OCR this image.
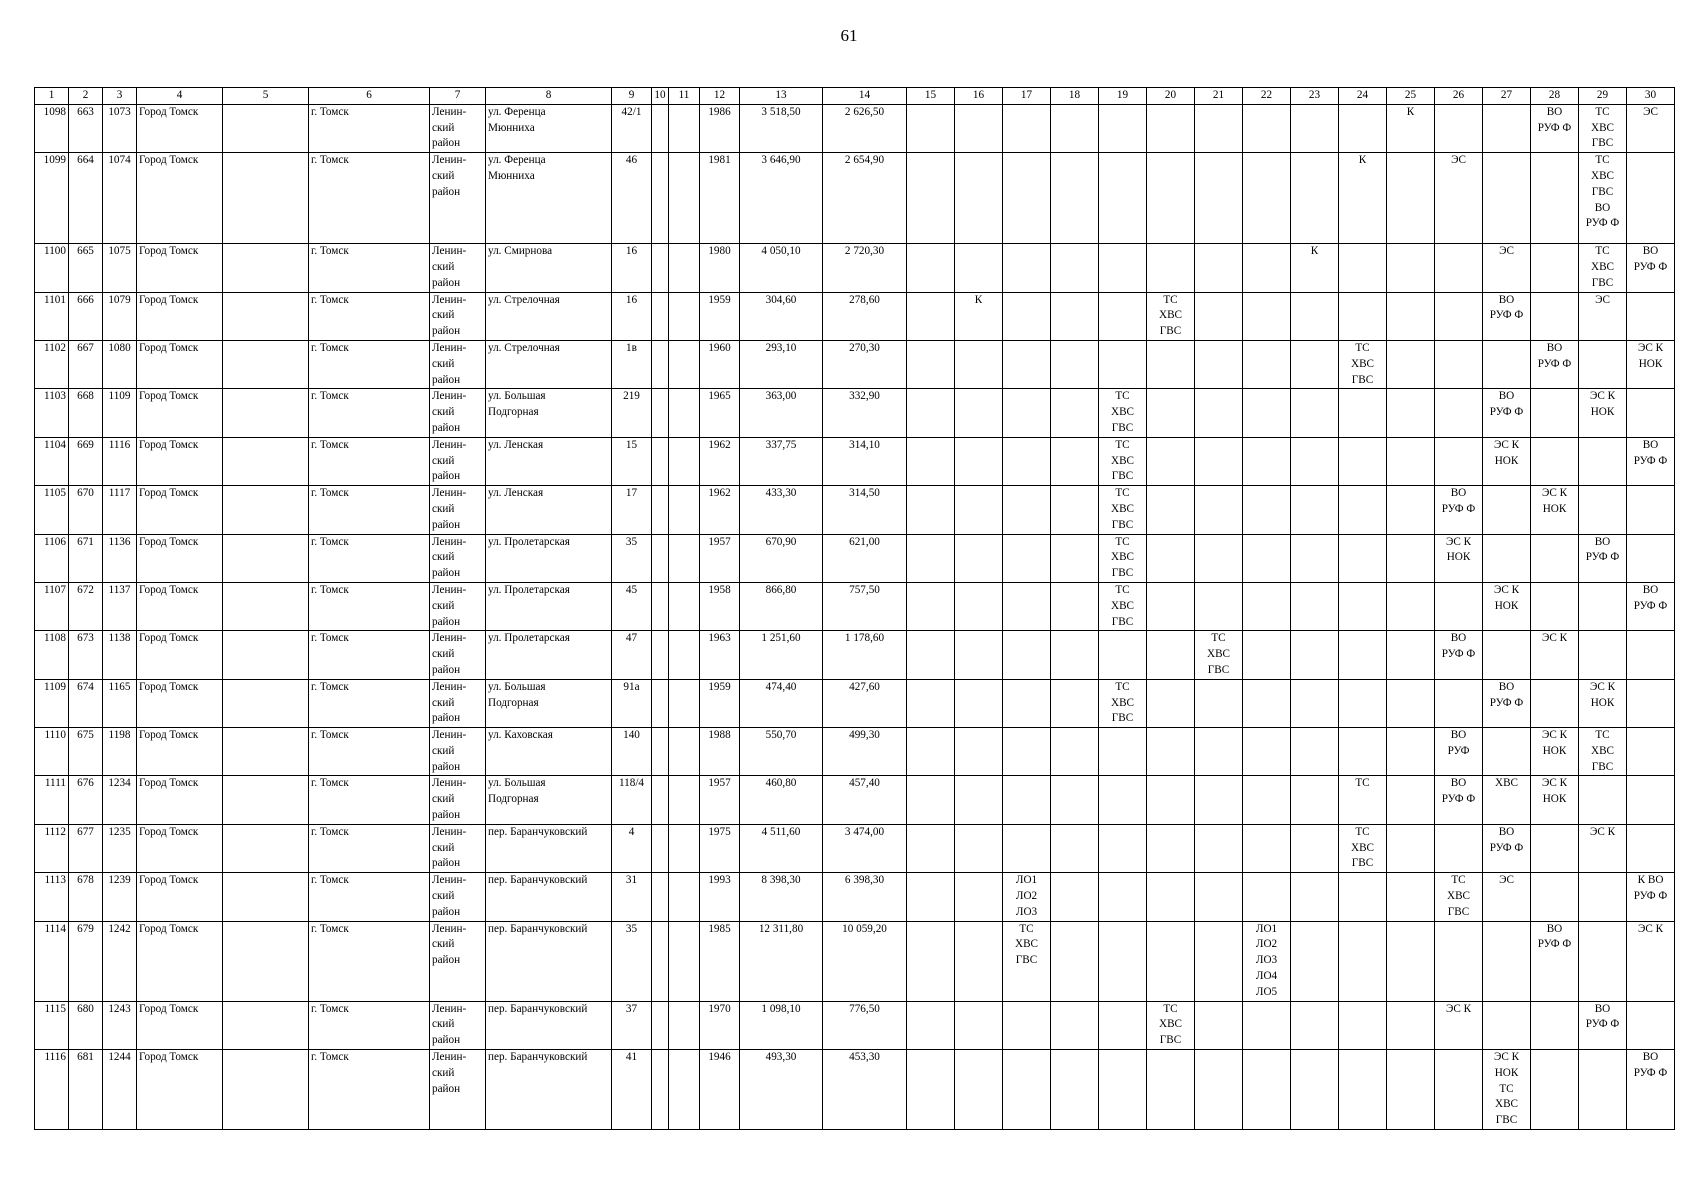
61
1	2	3	4	5	6	7	8	9	10	11	12	13	14	15	16	17	18	19	20	21	22	23	24	25	26	27	28	29	30
1098	663	1073	Город Томск		г. Томск	Ленин-
ский
район	ул. Ференца
Мюнниха	42/1			1986	3 518,50	2 626,50											К			ВО
РУФ Ф	ТС
ХВС
ГВС	ЭС
1099	664	1074	Город Томск		г. Томск	Ленин-
ский
район	ул. Ференца
Мюнниха	46			1981	3 646,90	2 654,90										К		ЭС			ТС
ХВС
ГВС
ВО
РУФ Ф	
1100	665	1075	Город Томск		г. Томск	Ленин-
ский
район	ул. Смирнова	16			1980	4 050,10	2 720,30									К				ЭС		ТС
ХВС
ГВС	ВО
РУФ Ф
1101	666	1079	Город Томск		г. Томск	Ленин-
ский
район	ул. Стрелочная	16			1959	304,60	278,60		К				ТС
ХВС
ГВС							ВО
РУФ Ф		ЭС	
1102	667	1080	Город Томск		г. Томск	Ленин-
ский
район	ул. Стрелочная	1в			1960	293,10	270,30										ТС
ХВС
ГВС				ВО
РУФ Ф		ЭС К
НОК
1103	668	1109	Город Томск		г. Томск	Ленин-
ский
район	ул. Большая
Подгорная	219			1965	363,00	332,90					ТС
ХВС
ГВС								ВО
РУФ Ф		ЭС К
НОК	
1104	669	1116	Город Томск		г. Томск	Ленин-
ский
район	ул. Ленская	15			1962	337,75	314,10					ТС
ХВС
ГВС								ЭС К
НОК			ВО
РУФ Ф
1105	670	1117	Город Томск		г. Томск	Ленин-
ский
район	ул. Ленская	17			1962	433,30	314,50					ТС
ХВС
ГВС							ВО
РУФ Ф		ЭС К
НОК		
1106	671	1136	Город Томск		г. Томск	Ленин-
ский
район	ул. Пролетарская	35			1957	670,90	621,00					ТС
ХВС
ГВС							ЭС К
НОК			ВО
РУФ Ф	
1107	672	1137	Город Томск		г. Томск	Ленин-
ский
район	ул. Пролетарская	45			1958	866,80	757,50					ТС
ХВС
ГВС								ЭС К
НОК			ВО
РУФ Ф
1108	673	1138	Город Томск		г. Томск	Ленин-
ский
район	ул. Пролетарская	47			1963	1 251,60	1 178,60							ТС
ХВС
ГВС					ВО
РУФ Ф		ЭС К		
1109	674	1165	Город Томск		г. Томск	Ленин-
ский
район	ул. Большая
Подгорная	91а			1959	474,40	427,60					ТС
ХВС
ГВС								ВО
РУФ Ф		ЭС К
НОК	
1110	675	1198	Город Томск		г. Томск	Ленин-
ский
район	ул. Каховская	140			1988	550,70	499,30												ВО
РУФ		ЭС К
НОК	ТС
ХВС
ГВС	
1111	676	1234	Город Томск		г. Томск	Ленин-
ский
район	ул. Большая
Подгорная	118/4			1957	460,80	457,40										ТС		ВО
РУФ Ф	ХВС	ЭС К
НОК		
1112	677	1235	Город Томск		г. Томск	Ленин-
ский
район	пер. Баранчуковский	4			1975	4 511,60	3 474,00										ТС
ХВС
ГВС			ВО
РУФ Ф		ЭС К	
1113	678	1239	Город Томск		г. Томск	Ленин-
ский
район	пер. Баранчуковский	31			1993	8 398,30	6 398,30			ЛО1
ЛО2
ЛО3									ТС
ХВС
ГВС	ЭС			К ВО
РУФ Ф
1114	679	1242	Город Томск		г. Томск	Ленин-
ский
район	пер. Баранчуковский	35			1985	12 311,80	10 059,20			ТС
ХВС
ГВС					ЛО1
ЛО2
ЛО3
ЛО4
ЛО5						ВО
РУФ Ф		ЭС К
1115	680	1243	Город Томск		г. Томск	Ленин-
ский
район	пер. Баранчуковский	37			1970	1 098,10	776,50						ТС
ХВС
ГВС						ЭС К			ВО
РУФ Ф	
1116	681	1244	Город Томск		г. Томск	Ленин-
ский
район	пер. Баранчуковский	41			1946	493,30	453,30													ЭС К
НОК
ТС
ХВС
ГВС			ВО
РУФ Ф
